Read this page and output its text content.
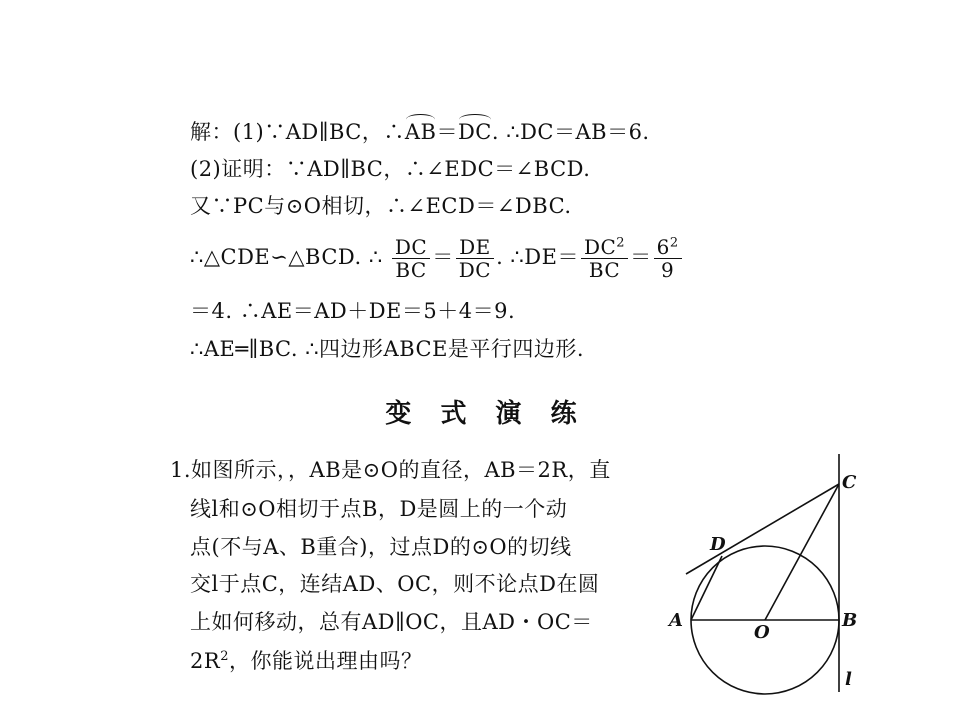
解：(1)∵AD∥BC，∴AB＝DC. ∴DC＝AB＝6.
(2)证明：∵AD∥BC，∴∠EDC＝∠BCD.
又∵PC与⊙O相切，∴∠ECD＝∠DBC.
∴△CDE∽△BCD. ∴ $\frac{DC}{BC} = \frac{DE}{DC}$ . ∴DE＝ $\frac{DC^2}{BC} = \frac{6^2}{9}$
＝4. ∴AE＝AD＋DE＝5＋4＝9.
∴AE═∥BC. ∴四边形ABCE是平行四边形.
变 式 演 练
1.如图所示，，AB是⊙O的直径，AB＝2R，直
线l和⊙O相切于点B，D是圆上的一个动
点(不与A、B重合)，过点D的⊙O的切线
交l于点C，连结AD、OC，则不论点D在圆
上如何移动，总有AD∥OC，且AD・OC＝
$2R^2$，你能说出理由吗？
C
D
A
O
B
l
